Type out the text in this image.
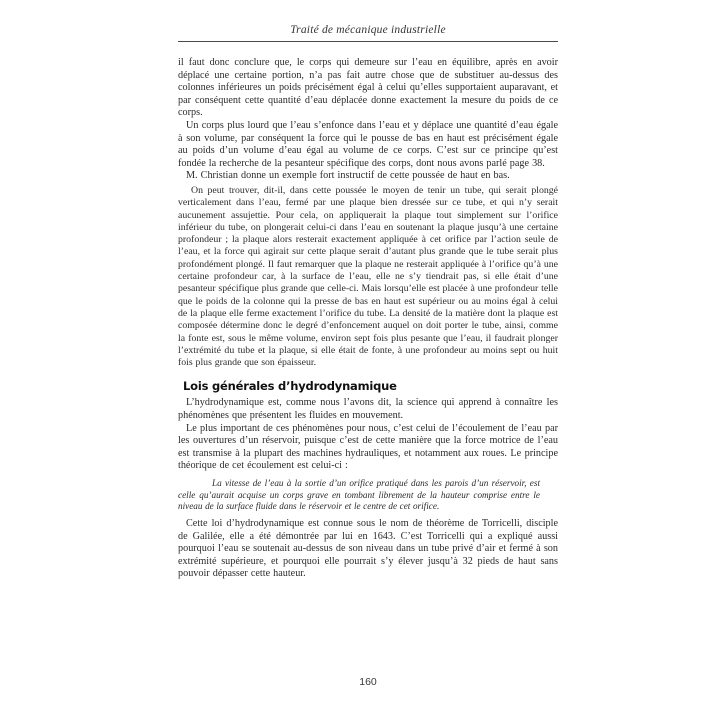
Traité de mécanique industrielle

il faut donc conclure que, le corps qui demeure sur l’eau en équilibre, après en avoir déplacé une certaine portion, n’a pas fait autre chose que de substituer au-dessus des colonnes inférieures un poids précisément égal à celui qu’elles supportaient auparavant, et par conséquent cette quantité d’eau déplacée donne exactement la mesure du poids de ce corps.

Un corps plus lourd que l’eau s’enfonce dans l’eau et y déplace une quantité d’eau égale à son volume, par conséquent la force qui le pousse de bas en haut est précisément égale au poids d’un volume d’eau égal au volume de ce corps. C’est sur ce principe qu’est fondée la recherche de la pesanteur spécifique des corps, dont nous avons parlé page 38.

M. Christian donne un exemple fort instructif de cette poussée de haut en bas.

On peut trouver, dit-il, dans cette poussée le moyen de tenir un tube, qui serait plongé verticalement dans l’eau, fermé par une plaque bien dressée sur ce tube, et qui n’y serait aucunement assujettie. Pour cela, on appliquerait la plaque tout simplement sur l’orifice inférieur du tube, on plongerait celui-ci dans l’eau en soutenant la plaque jusqu’à une certaine profondeur ; la plaque alors resterait exactement appliquée à cet orifice par l’action seule de l’eau, et la force qui agirait sur cette plaque serait d’autant plus grande que le tube serait plus profondément plongé. Il faut remarquer que la plaque ne resterait appliquée à l’orifice qu’à une certaine profondeur car, à la surface de l’eau, elle ne s’y tiendrait pas, si elle était d’une pesanteur spécifique plus grande que celle-ci. Mais lorsqu’elle est placée à une profondeur telle que le poids de la colonne qui la presse de bas en haut est supérieur ou au moins égal à celui de la plaque elle ferme exactement l’orifice du tube. La densité de la matière dont la plaque est composée détermine donc le degré d’enfoncement auquel on doit porter le tube, ainsi, comme la fonte est, sous le même volume, environ sept fois plus pesante que l’eau, il faudrait plonger l’extrémité du tube et la plaque, si elle était de fonte, à une profondeur au moins sept ou huit fois plus grande que son épaisseur.

Lois générales d’hydrodynamique

L’hydrodynamique est, comme nous l’avons dit, la science qui apprend à connaître les phénomènes que présentent les fluides en mouvement.

Le plus important de ces phénomènes pour nous, c’est celui de l’écoulement de l’eau par les ouvertures d’un réservoir, puisque c’est de cette manière que la force motrice de l’eau est transmise à la plupart des machines hydrauliques, et notamment aux roues. Le principe théorique de cet écoulement est celui-ci :

La vitesse de l’eau à la sortie d’un orifice pratiqué dans les parois d’un réservoir, est celle qu’aurait acquise un corps grave en tombant librement de la hauteur comprise entre le niveau de la surface fluide dans le réservoir et le centre de cet orifice.

Cette loi d’hydrodynamique est connue sous le nom de théorème de Torricelli, disciple de Galilée, elle a été démontrée par lui en 1643. C’est Torricelli qui a expliqué aussi pourquoi l’eau se soutenait au-dessus de son niveau dans un tube privé d’air et fermé à son extrémité supérieure, et pourquoi elle pourrait s’y élever jusqu’à 32 pieds de haut sans pouvoir dépasser cette hauteur.

160
